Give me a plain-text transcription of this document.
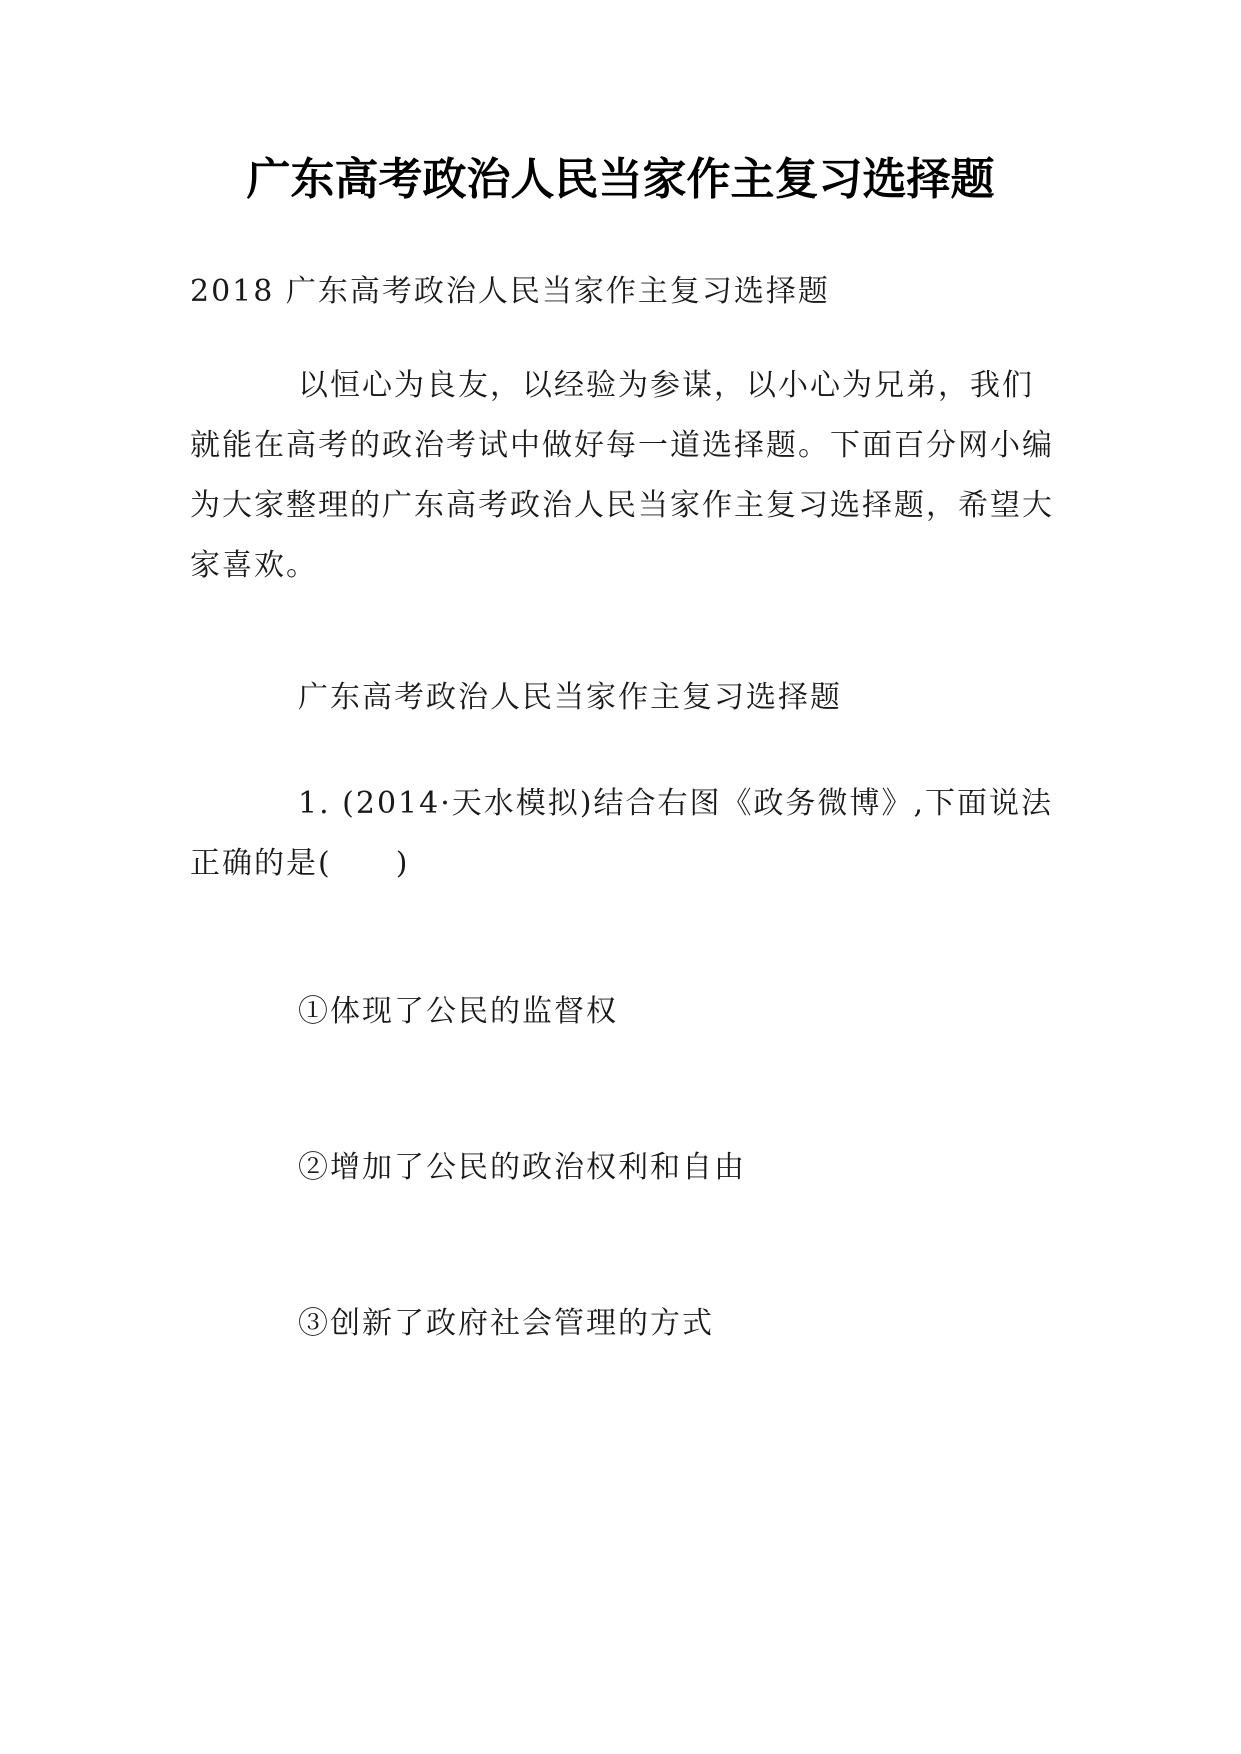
广东高考政治人民当家作主复习选择题
2018 广东高考政治人民当家作主复习选择题
以恒心为良友，以经验为参谋，以小心为兄弟，我们就能在高考的政治考试中做好每一道选择题。下面百分网小编为大家整理的广东高考政治人民当家作主复习选择题，希望大家喜欢。
广东高考政治人民当家作主复习选择题
1. (2014·天水模拟)结合右图《政务微博》,下面说法正确的是(　　)
①体现了公民的监督权
②增加了公民的政治权利和自由
③创新了政府社会管理的方式
